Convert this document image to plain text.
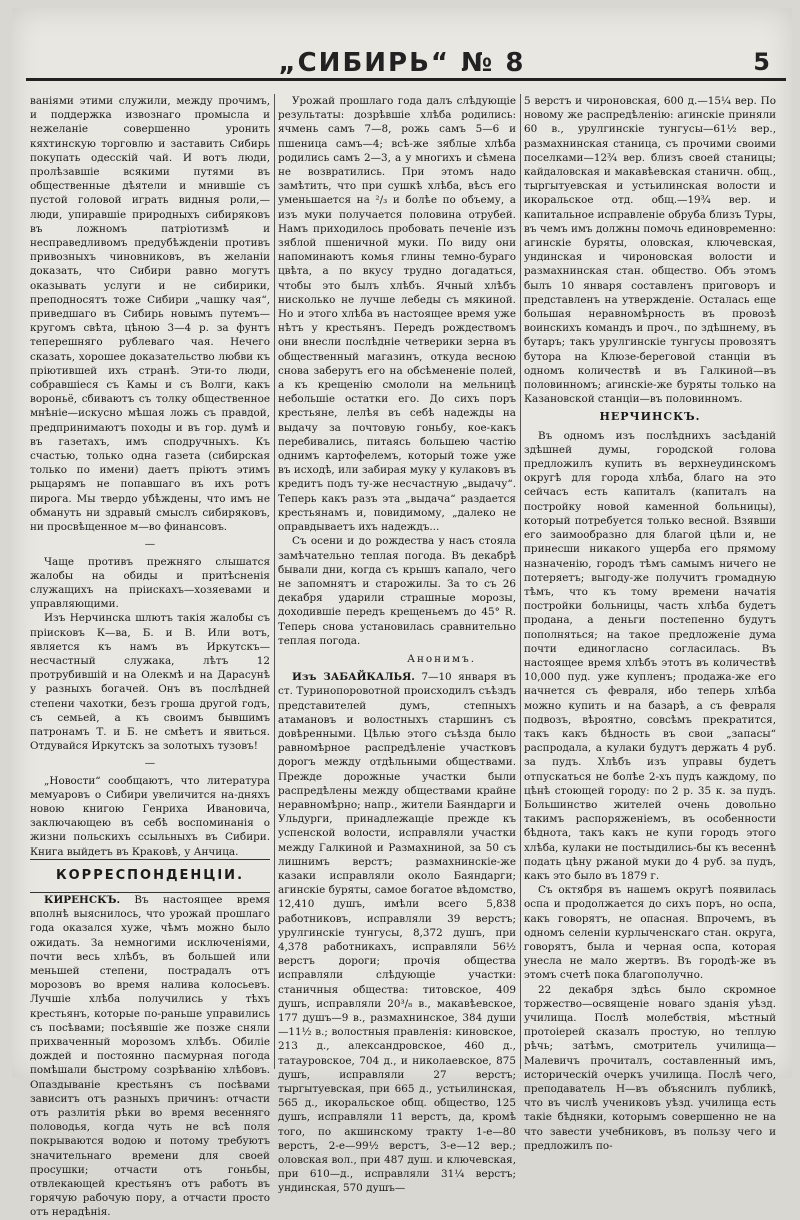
„СИБИРЬ“ № 8	5

ваніями этими служили, между прочимъ, и поддержка извознаго промысла и нежеланіе совершенно уронить кяхтинскую торговлю и заставить Сибирь покупать одесскій чай. И вотъ люди, пролѣзавшіе всякими путями въ общественные дѣятели и мнившіе съ пустой головой играть видныя роли,—люди, упиравшіе природныхъ сибиряковъ въ ложномъ патріотизмѣ и несправедливомъ предубѣжденіи противъ привозныхъ чиновниковъ, въ желаніи доказать, что Сибири равно могутъ оказывать услуги и не сибирики, преподносятъ тоже Сибири „чашку чая“, приведшаго въ Сибирь новымъ путемъ—кругомъ свѣта, цѣною 3—4 р. за фунтъ теперешняго рублеваго чая. Нечего сказать, хорошее доказательство любви къ пріютившей ихъ странѣ. Эти-то люди, собравшіеся съ Камы и съ Волги, какъ вороньё, сбиваютъ съ толку общественное мнѣніе—искусно мѣшая ложь съ правдой, предпринимаютъ походы и въ гор. думѣ и въ газетахъ, имъ сподручныхъ. Къ счастью, только одна газета (сибирская только по имени) даетъ пріютъ этимъ рыцарямъ не попавшаго въ ихъ ротъ пирога. Мы твердо убѣждены, что имъ не обмануть ни здравый смыслъ сибиряковъ, ни просвѣщенное м—во финансовъ.

—

Чаще противъ прежняго слышатся жалобы на обиды и притѣсненія служащихъ на пріискахъ—хозяевами и управляющими.

Изъ Нерчинска шлютъ такія жалобы съ пріисковъ К—ва, Б. и В. Или вотъ, является къ намъ въ Иркутскъ—несчастный служака, лѣтъ 12 протрубившій и на Олекмѣ и на Дарасунѣ у разныхъ богачей. Онъ въ послѣдней степени чахотки, безъ гроша другой годъ, съ семьей, а къ своимъ бывшимъ патронамъ Т. и Б. не смѣетъ и явиться. Отдувайся Иркутскъ за золотыхъ тузовъ!

—

„Новости“ сообщаютъ, что литература мемуаровъ о Сибири увеличится на-дняхъ новою книгою Генриха Ивановича, заключающею въ себѣ воспоминанія о жизни польскихъ ссыльныхъ въ Сибири. Книга выйдетъ въ Краковѣ, у Анчица.

КОРРЕСПОНДЕНЦІИ.

КИРЕНСКЪ. Въ настоящее время вполнѣ выяснилось, что урожай прошлаго года оказался хуже, чѣмъ можно было ожидать. За немногими исключеніями, почти весь хлѣбъ, въ большей или меньшей степени, пострадалъ отъ морозовъ во время налива колосьевъ. Лучшіе хлѣба получились у тѣхъ крестьянъ, которые по-раньше управились съ посѣвами; посѣявшіе же позже сняли прихваченный морозомъ хлѣбъ. Обиліе дождей и постоянно пасмурная погода помѣшали быстрому созрѣванію хлѣбовъ. Опаздываніе крестьянъ съ посѣвами зависитъ отъ разныхъ причинъ: отчасти отъ разлитія рѣки во время весенняго половодья, когда чуть не всѣ поля покрываются водою и потому требуютъ значительнаго времени для своей просушки; отчасти отъ гоньбы, отвлекающей крестьянъ отъ работъ въ горячую рабочую пору, а отчасти просто отъ нерадѣнія.

Урожай прошлаго года далъ слѣдующіе результаты: дозрѣвшіе хлѣба родились: ячмень самъ 7—8, рожь самъ 5—6 и пшеница самъ—4; всѣ-же зяблые хлѣба родились самъ 2—3, а у многихъ и сѣмена не возвратились. При этомъ надо замѣтить, что при сушкѣ хлѣба, вѣсъ его уменьшается на ²/₃ и болѣе по объему, а изъ муки получается половина отрубей. Намъ приходилось пробовать печеніе изъ зяблой пшеничной муки. По виду они напоминаютъ комья глины темно-бураго цвѣта, а по вкусу трудно догадаться, чтобы это былъ хлѣбъ. Ячный хлѣбъ нисколько не лучше лебеды съ мякиной. Но и этого хлѣба въ настоящее время уже нѣтъ у крестьянъ. Передъ рождествомъ они внесли послѣдніе четверики зерна въ общественный магазинъ, откуда весною снова заберутъ его на обсѣмененіе полей, а къ крещенію смололи на мельницѣ небольшіе остатки его. До сихъ поръ крестьяне, лелѣя въ себѣ надежды на выдачу за почтовую гоньбу, кое-какъ перебивались, питаясь большею частію однимъ картофелемъ, который тоже уже въ исходѣ, или забирая муку у кулаковъ въ кредитъ подъ ту-же несчастную „выдачу“. Теперь какъ разъ эта „выдача“ раздается крестьянамъ и, повидимому, „далеко не оправдываетъ ихъ надеждъ...

Съ осени и до рождества у насъ стояла замѣчательно теплая погода. Въ декабрѣ бывали дни, когда съ крышъ капало, чего не запомнятъ и старожилы. За то съ 26 декабря ударили страшные морозы, доходившіе передъ крещеньемъ до 45° R. Теперь снова установилась сравнительно теплая погода.

Анонимъ.

Изъ ЗАБАЙКАЛЬЯ. 7—10 января въ ст. Туринопоровотной происходилъ съѣздъ представителей думъ, степныхъ атамановъ и волостныхъ старшинъ съ довѣренными. Цѣлью этого съѣзда было равномѣрное распредѣленіе участковъ дорогъ между отдѣльными обществами. Прежде дорожные участки были распредѣлены между обществами крайне неравномѣрно; напр., жители Баяндарги и Ульдурги, принадлежащіе прежде къ успенской волости, исправляли участки между Галкиной и Размахниной, за 50 съ лишнимъ верстъ; размахнинскіе-же казаки исправляли около Баяндарги; агинскіе буряты, самое богатое вѣдомство, 12,410 душъ, имѣли всего 5,838 работниковъ, исправляли 39 верстъ; урулгинскіе тунгусы, 8,372 душъ, при 4,378 работникахъ, исправляли 56½ верстъ дороги; прочія общества исправляли слѣдующіе участки: станичныя общества: титовское, 409 душъ, исправляли 20³/₈ в., макавѣевское, 177 душъ—9 в., размахнинское, 384 души—11½ в.; волостныя правленія: киновское, 213 д., александровское, 460 д., татауровское, 704 д., и николаевское, 875 душъ, исправляли 27 верстъ; тыргытуевская, при 665 д., устьилинская, 565 д., икоральское общ. общество, 125 душъ, исправляли 11 верстъ, да, кромѣ того, по акшинскому тракту 1-е—80 верстъ, 2-е—99½ верстъ, 3-е—12 вер.; оловская вол., при 487 душ. и ключевская, при 610—д., исправляли 31¼ верстъ; ундинская, 570 душъ—

5 верстъ и чироновская, 600 д.—15¼ вер. По новому же распредѣленію: агинскіе приняли 60 в., урулгинскіе тунгусы—61½ вер., размахнинская станица, съ прочими своими поселками—12¾ вер. близъ своей станицы; кайдаловская и макавѣевская станичн. общ., тыргытуевская и устьилинская волости и икоральское отд. общ.—19¾ вер. и капитальное исправленіе обруба близъ Туры, въ чемъ имъ должны помочь единовременно: агинскіе буряты, оловская, ключевская, ундинская и чироновская волости и размахнинская стан. общество. Объ этомъ былъ 10 января составленъ приговоръ и представленъ на утвержденіе. Осталась еще большая неравномѣрность въ провозѣ воинскихъ командъ и проч., по здѣшнему, въ бутаръ; такъ урулгинскіе тунгусы провозятъ бутора на Клюзе-береговой станціи въ одномъ количествѣ и въ Галкиной—въ половинномъ; агинскіе-же буряты только на Казановской станціи—въ половинномъ.

НЕРЧИНСКЪ.

Въ одномъ изъ послѣднихъ засѣданій здѣшней думы, городской голова предложилъ купить въ верхнеудинскомъ округѣ для города хлѣба, благо на это сейчасъ есть капиталъ (капиталъ на постройку новой каменной больницы), который потребуется только весной. Взявши его заимообразно для благой цѣли и, не принесши никакого ущерба его прямому назначенію, городъ тѣмъ самымъ ничего не потеряетъ; выгоду-же получитъ громадную тѣмъ, что къ тому времени начатія постройки больницы, часть хлѣба будетъ продана, а деньги постепенно будутъ пополняться; на такое предложеніе дума почти единогласно согласилась. Въ настоящее время хлѣбъ этотъ въ количествѣ 10,000 пуд. уже купленъ; продажа-же его начнется съ февраля, ибо теперь хлѣба можно купить и на базарѣ, а съ февраля подвозъ, вѣроятно, совсѣмъ прекратится, такъ какъ бѣдность въ свои „запасы“ распродала, а кулаки будутъ держать 4 руб. за пудъ. Хлѣбъ изъ управы будетъ отпускаться не болѣе 2-хъ пудъ каждому, по цѣнѣ стоющей городу: по 2 р. 35 к. за пудъ. Большинство жителей очень довольно такимъ распоряженіемъ, въ особенности бѣднота, такъ какъ не купи городъ этого хлѣба, кулаки не постыдились-бы къ весеннѣ подать цѣну ржаной муки до 4 руб. за пудъ, какъ это было въ 1879 г.

Съ октября въ нашемъ округѣ появилась оспа и продолжается до сихъ поръ, но оспа, какъ говорятъ, не опасная. Впрочемъ, въ одномъ селеніи курлыченскаго стан. округа, говорятъ, была и черная оспа, которая унесла не мало жертвъ. Въ городѣ-же въ этомъ счетѣ пока благополучно.

22 декабря здѣсь было скромное торжество—освященіе новаго зданія уѣзд. училища. Послѣ молебствія, мѣстный протоіерей сказалъ простую, но теплую рѣчь; затѣмъ, смотритель училища—Малевичъ прочиталъ, составленный имъ, историческій очеркъ училища. Послѣ чего, преподаватель Н—въ объяснилъ публикѣ, что въ числѣ учениковъ уѣзд. училища есть такіе бѣдняки, которымъ совершенно не на что завести учебниковъ, въ пользу чего и предложилъ по-
